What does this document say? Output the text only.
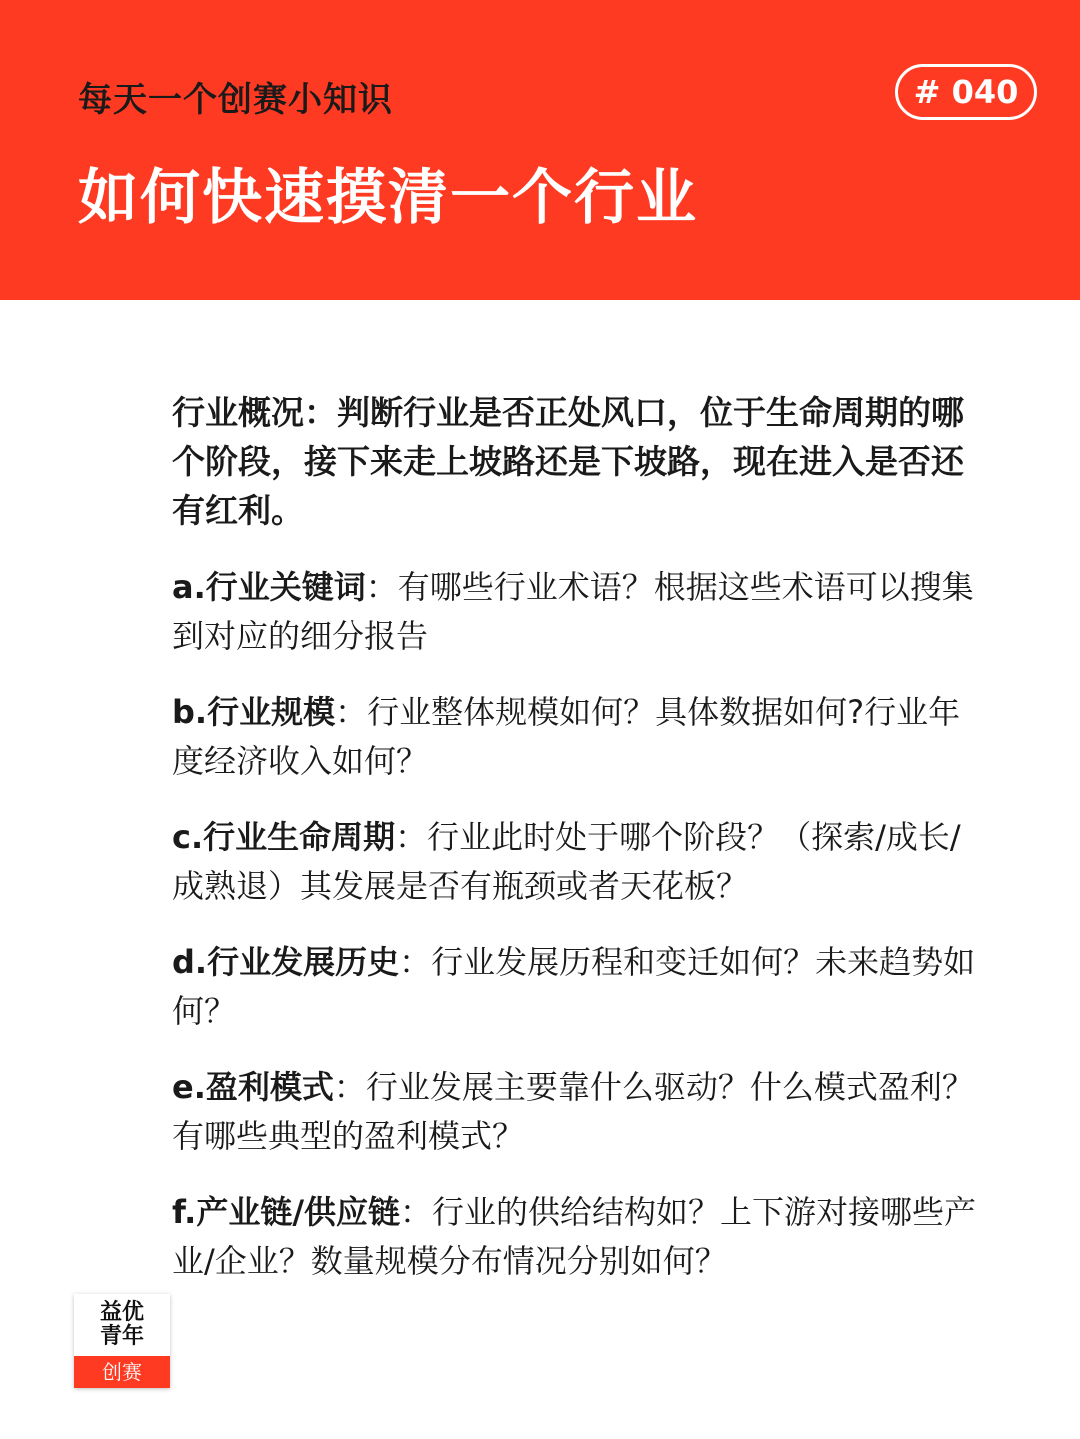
每天一个创赛小知识	# 040
如何快速摸清一个行业

行业概况：判断行业是否正处风口，位于生命周期的哪个阶段，接下来走上坡路还是下坡路，现在进入是否还有红利。

a.行业关键词：有哪些行业术语？根据这些术语可以搜集到对应的细分报告

b.行业规模：行业整体规模如何？具体数据如何?行业年度经济收入如何？

c.行业生命周期：行业此时处于哪个阶段？（探索/成长/成熟退）其发展是否有瓶颈或者天花板？

d.行业发展历史：行业发展历程和变迁如何？未来趋势如何？

e.盈利模式：行业发展主要靠什么驱动？什么模式盈利？有哪些典型的盈利模式？

f.产业链/供应链：行业的供给结构如？上下游对接哪些产业/企业？数量规模分布情况分别如何？

益优
青年
创赛
